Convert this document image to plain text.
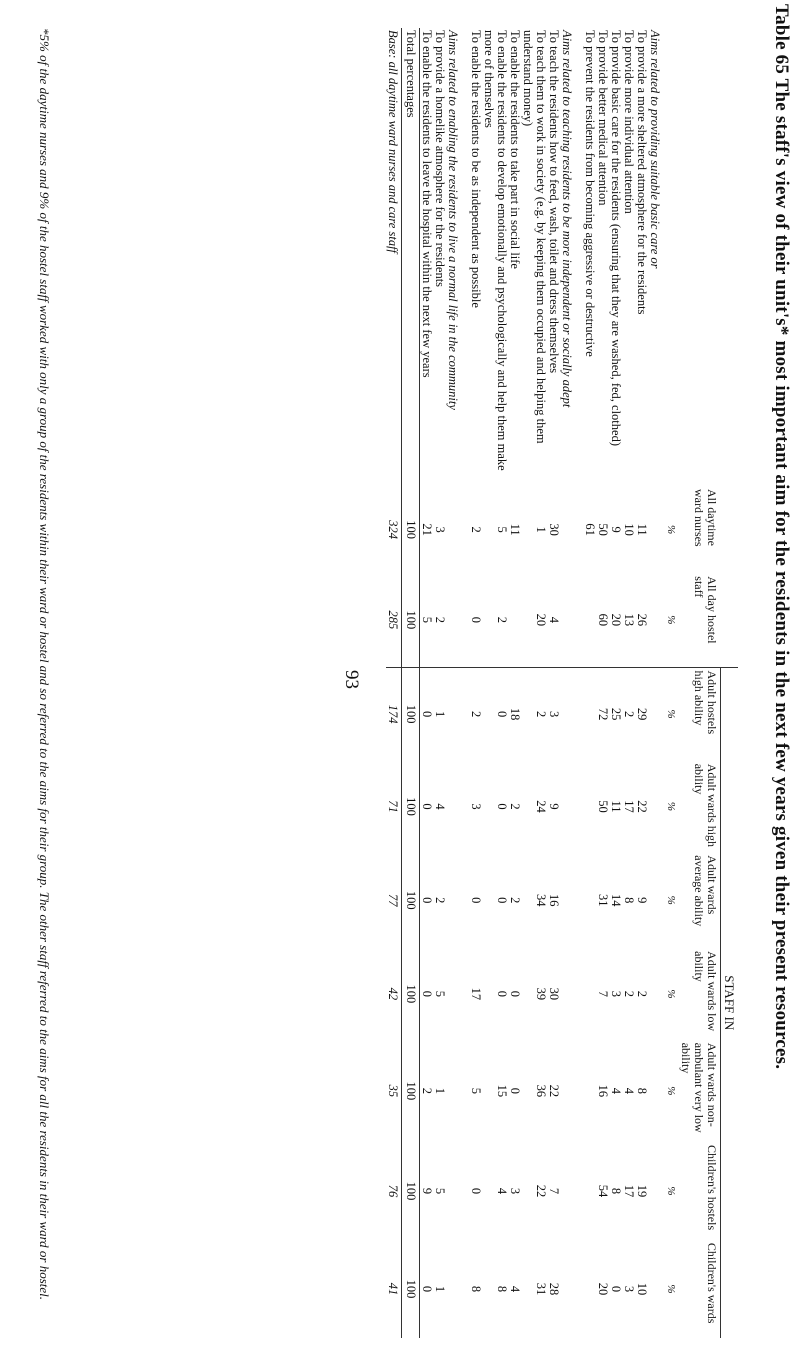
Table 65 The staff's view of their unit's* most important aim for the residents in the next few years given their present resources.
			STAFF IN						
	All daytime ward nurses	All day hostel staff	Adult hostels high ability	Adult wards high ability	Adult wards average ability	Adult wards low ability	Adult wards non-ambulant very low ability	Children's hostels	Children's wards
	%	%	%	%	%	%	%	%	%
Aims related to providing suitable basic care or									
To provide a more sheltered atmosphere for the residents	11	26	29	22	9	2	8	19	10
To provide more individual attention	10	13	2	17	8	2	4	17	3
To provide basic care for the residents (ensuring that they are washed, fed, clothed)	9	20	25	11	14	3	4	8	0
To provide better medical attention	50	60	72	50	31	7	16	54	20
To prevent the residents from becoming aggressive or destructive	61								
Aims related to teaching residents to be more independent or socially adept									
To teach the residents how to feed, wash, toilet and dress themselves	30	4	3	9	16	30	22	7	28
To teach them to work in society (e.g. by keeping them occupied and helping them understand money)	1	20	2	24	34	39	36	22	31
To enable the residents to take part in social life	11		18	2	2	0	0	3	4
To enable the residents to develop emotionally and psychologically and help them make more of themselves	5	2	0	0	0	0	15	4	8
To enable the residents to be as independent as possible	2	0	2	3	0	17	5	0	8
Aims related to enabling the residents to live a normal life in the community									
To provide a homelike atmosphere for the residents	3	2	1	4	2	5	1	5	1
To enable the residents to leave the hospital within the next few years	21	5	0	0	0	0	2	9	0
Total percentages	100	100	100	100	100	100	100	100	100
Base: all daytime ward nurses and care staff	324	285	174	71	77	42	35	76	41
93
*5% of the daytime nurses and 9% of the hostel staff worked with only a group of the residents within their ward or hostel and so referred to the aims for their group. The other staff referred to the aims for all the residents in their ward or hostel.
